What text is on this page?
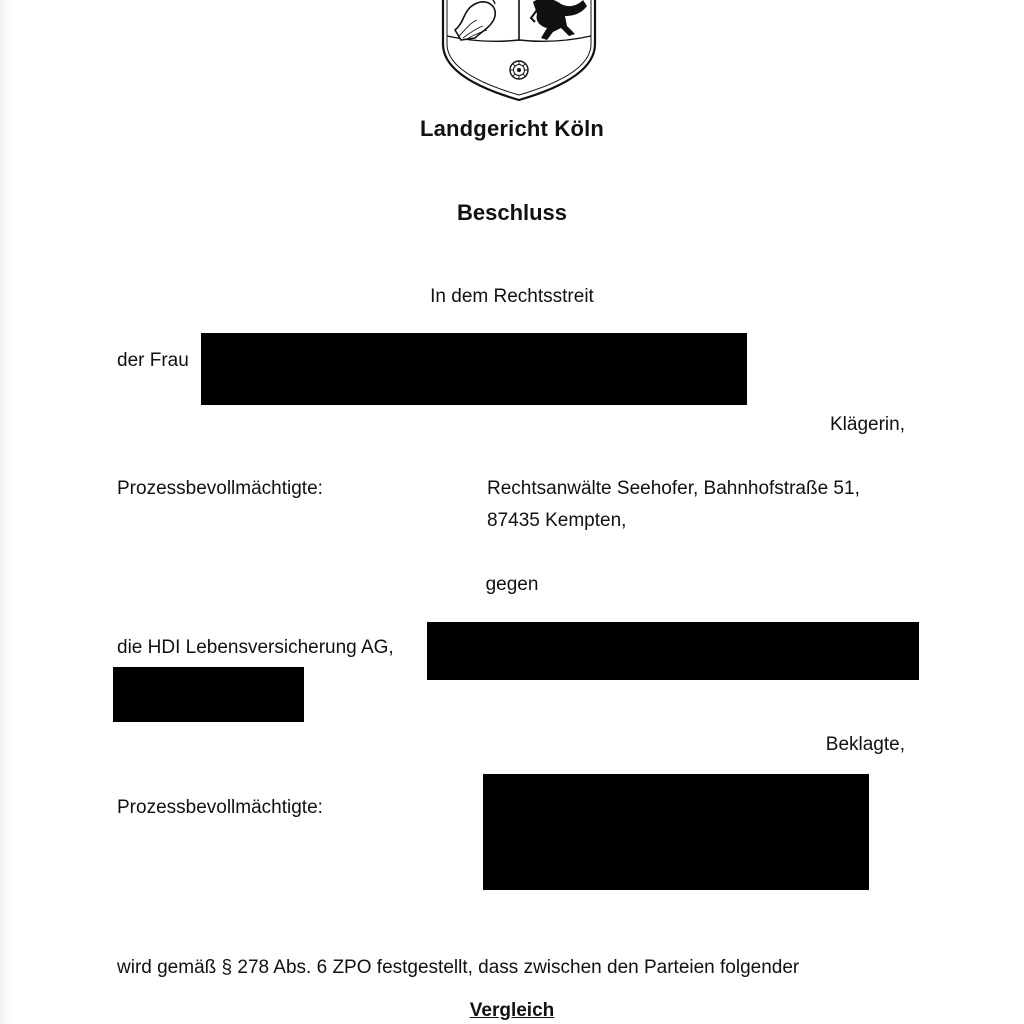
Landgericht Köln
Beschluss
In dem Rechtsstreit
der Frau
Klägerin,
Prozessbevollmächtigte:	Rechtsanwälte Seehofer, Bahnhofstraße 51,
87435 Kempten,
gegen
die HDI Lebensversicherung AG,
Beklagte,
Prozessbevollmächtigte:
wird gemäß § 278 Abs. 6 ZPO festgestellt, dass zwischen den Parteien folgender
Vergleich
